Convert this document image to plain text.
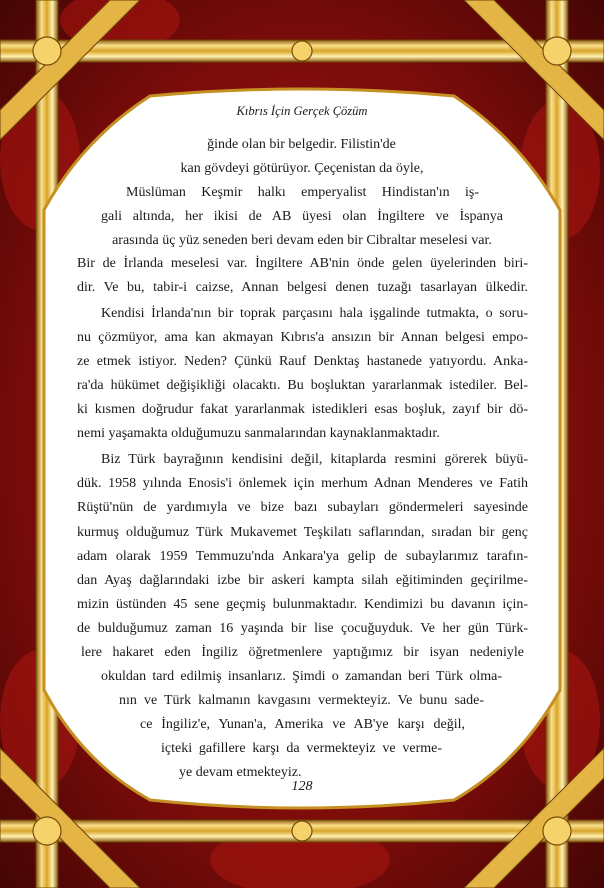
Kıbrıs İçin Gerçek Çözüm
ğinde olan bir belgedir. Filistin'de
kan gövdeyi götürüyor. Çeçenistan da öyle,
Müslüman Keşmir halkı emperyalist Hindistan'ın iş-
gali altında, her ikisi de AB üyesi olan İngiltere ve İspanya
arasında üç yüz seneden beri devam eden bir Cibraltar meselesi var.
Bir de İrlanda meselesi var. İngiltere AB'nin önde gelen üyelerinden biri-
dir. Ve bu, tabir-i caizse, Annan belgesi denen tuzağı tasarlayan ülkedir.
Kendisi İrlanda'nın bir toprak parçasını hala işgalinde tutmakta, o soru-
nu çözmüyor, ama kan akmayan Kıbrıs'a ansızın bir Annan belgesi empo-
ze etmek istiyor. Neden? Çünkü Rauf Denktaş hastanede yatıyordu. Anka-
ra'da hükümet değişikliği olacaktı. Bu boşluktan yararlanmak istediler. Bel-
ki kısmen doğrudur fakat yararlanmak istedikleri esas boşluk, zayıf bir dö-
nemi yaşamakta olduğumuzu sanmalarından kaynaklanmaktadır.
Biz Türk bayrağının kendisini değil, kitaplarda resmini görerek büyü-
dük. 1958 yılında Enosis'i önlemek için merhum Adnan Menderes ve Fatih
Rüştü'nün de yardımıyla ve bize bazı subayları göndermeleri sayesinde
kurmuş olduğumuz Türk Mukavemet Teşkilatı saflarından, sıradan bir genç
adam olarak 1959 Temmuzu'nda Ankara'ya gelip de subaylarımız tarafın-
dan Ayaş dağlarındaki izbe bir askeri kampta silah eğitiminden geçirilme-
mizin üstünden 45 sene geçmiş bulunmaktadır. Kendimizi bu davanın için-
de bulduğumuz zaman 16 yaşında bir lise çocuğuyduk. Ve her gün Türk-
lere hakaret eden İngiliz öğretmenlere yaptığımız bir isyan nedeniyle
okuldan tard edilmiş insanlarız. Şimdi o zamandan beri Türk olma-
nın ve Türk kalmanın kavgasını vermekteyiz. Ve bunu sade-
ce İngiliz'e, Yunan'a, Amerika ve AB'ye karşı değil,
içteki gafillere karşı da vermekteyiz ve verme-
ye devam etmekteyiz.
128
